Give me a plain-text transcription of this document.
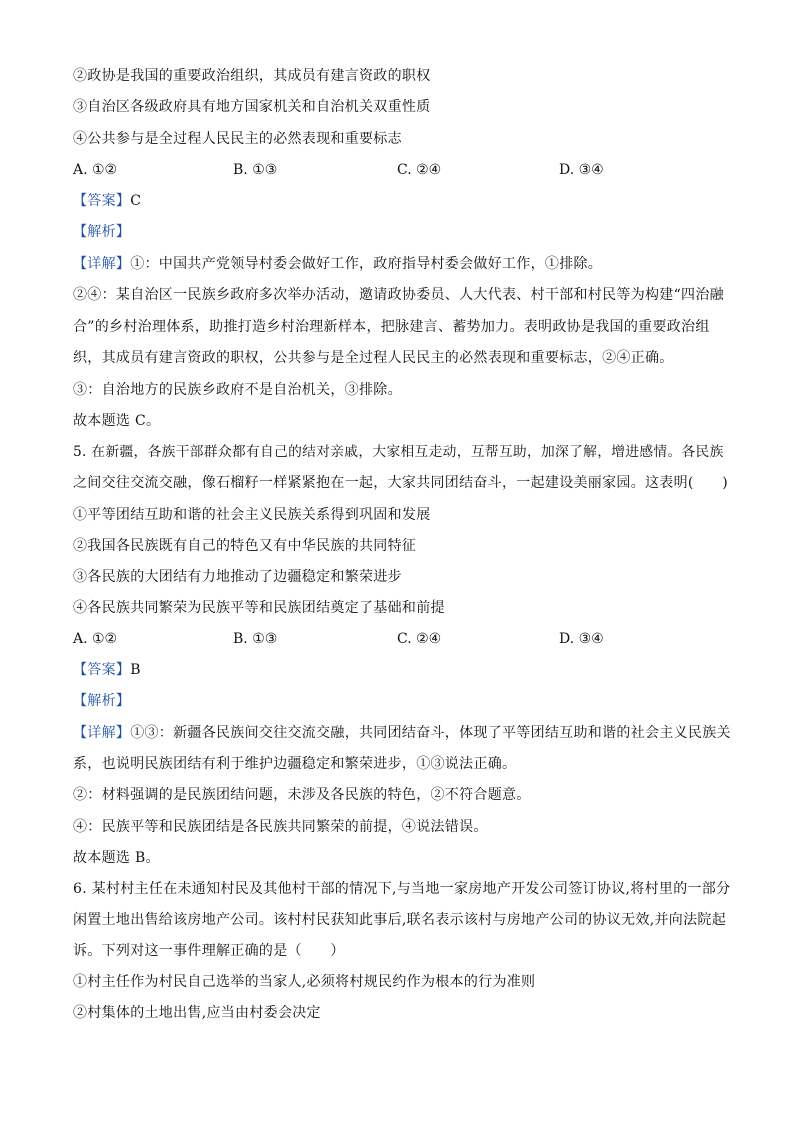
②政协是我国的重要政治组织，其成员有建言资政的职权
③自治区各级政府具有地方国家机关和自治机关双重性质
④公共参与是全过程人民民主的必然表现和重要标志
A. ①②	B. ①③	C. ②④	D. ③④
【答案】C
【解析】
【详解】①：中国共产党领导村委会做好工作，政府指导村委会做好工作，①排除。
②④：某自治区一民族乡政府多次举办活动，邀请政协委员、人大代表、村干部和村民等为构建“四治融
合”的乡村治理体系，助推打造乡村治理新样本，把脉建言、蓄势加力。表明政协是我国的重要政治组
织，其成员有建言资政的职权，公共参与是全过程人民民主的必然表现和重要标志，②④正确。
③：自治地方的民族乡政府不是自治机关，③排除。
故本题选 C。
5. 在新疆，各族干部群众都有自己的结对亲戚，大家相互走动，互帮互助，加深了解，增进感情。各民族
之间交往交流交融，像石榴籽一样紧紧抱在一起，大家共同团结奋斗，一起建设美丽家园。这表明(　　)
①平等团结互助和谐的社会主义民族关系得到巩固和发展
②我国各民族既有自己的特色又有中华民族的共同特征
③各民族的大团结有力地推动了边疆稳定和繁荣进步
④各民族共同繁荣为民族平等和民族团结奠定了基础和前提
A. ①②	B. ①③	C. ②④	D. ③④
【答案】B
【解析】
【详解】①③：新疆各民族间交往交流交融，共同团结奋斗，体现了平等团结互助和谐的社会主义民族关
系，也说明民族团结有利于维护边疆稳定和繁荣进步，①③说法正确。
②：材料强调的是民族团结问题，未涉及各民族的特色，②不符合题意。
④：民族平等和民族团结是各民族共同繁荣的前提，④说法错误。
故本题选 B。
6. 某村村主任在未通知村民及其他村干部的情况下,与当地一家房地产开发公司签订协议,将村里的一部分
闲置土地出售给该房地产公司。该村村民获知此事后,联名表示该村与房地产公司的协议无效,并向法院起
诉。下列对这一事件理解正确的是（　　）
①村主任作为村民自己选举的当家人,必须将村规民约作为根本的行为准则
②村集体的土地出售,应当由村委会决定
